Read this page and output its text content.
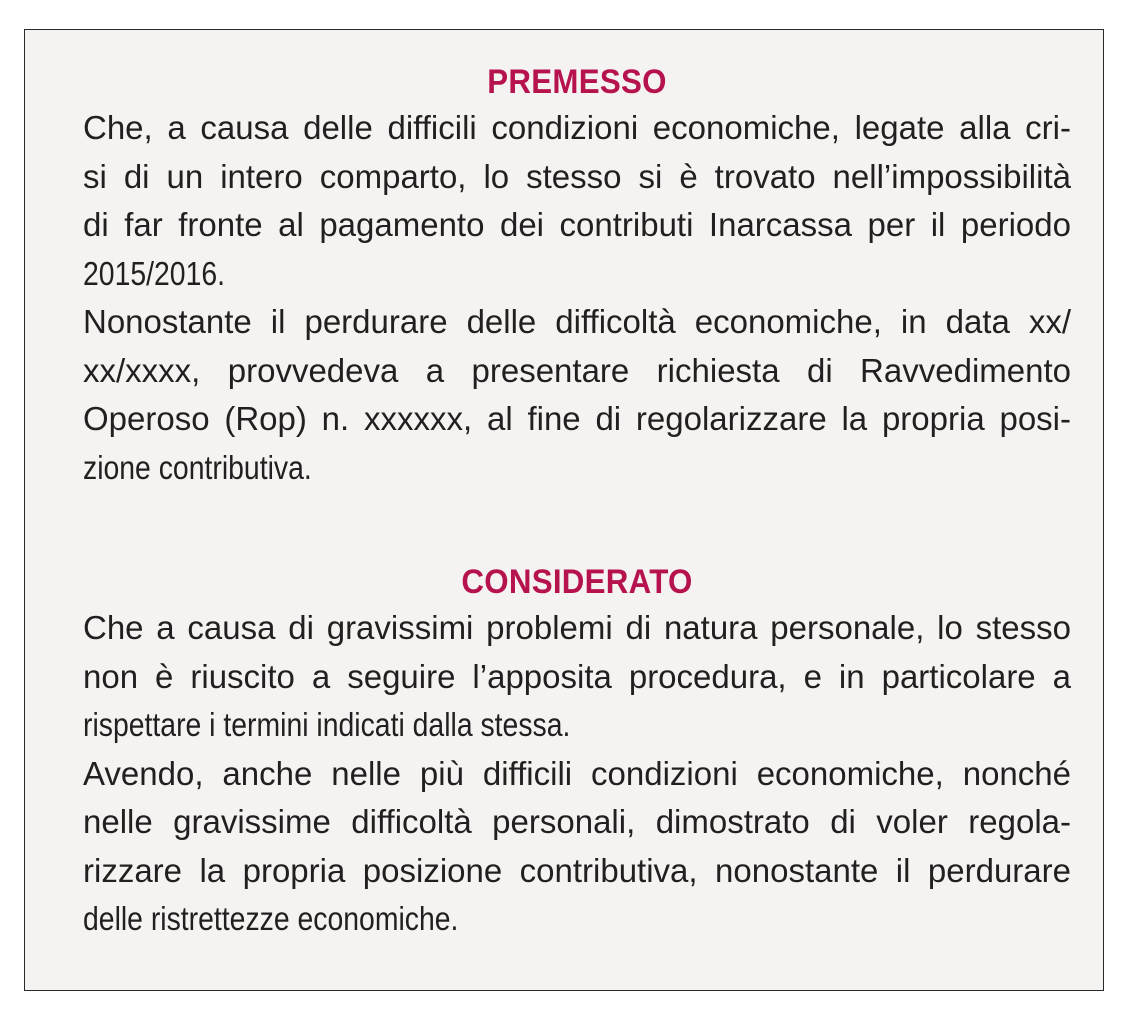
PREMESSO
Che, a causa delle difficili condizioni economiche, legate alla cri-
si di un intero comparto, lo stesso si è trovato nell’impossibilità
di far fronte al pagamento dei contributi Inarcassa per il periodo
2015/2016.
Nonostante il perdurare delle difficoltà economiche, in data xx/
xx/xxxx, provvedeva a presentare richiesta di Ravvedimento
Operoso (Rop) n. xxxxxx, al fine di regolarizzare la propria posi-
zione contributiva.
CONSIDERATO
Che a causa di gravissimi problemi di natura personale, lo stesso
non è riuscito a seguire l’apposita procedura, e in particolare a
rispettare i termini indicati dalla stessa.
Avendo, anche nelle più difficili condizioni economiche, nonché
nelle gravissime difficoltà personali, dimostrato di voler regola-
rizzare la propria posizione contributiva, nonostante il perdurare
delle ristrettezze economiche.
